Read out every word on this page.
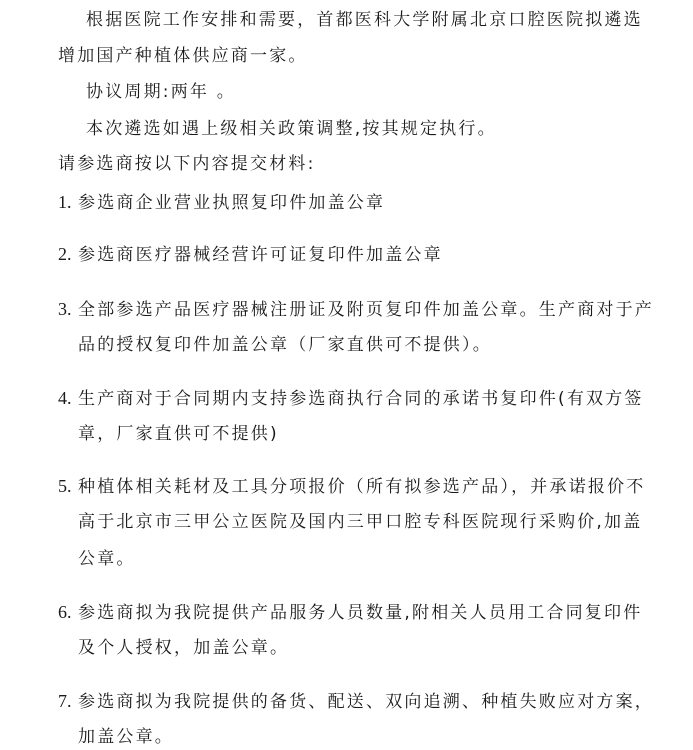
根据医院工作安排和需要，首都医科大学附属北京口腔医院拟遴选
增加国产种植体供应商一家。
协议周期:两年 。
本次遴选如遇上级相关政策调整,按其规定执行。
请参选商按以下内容提交材料:
1. 参选商企业营业执照复印件加盖公章
2. 参选商医疗器械经营许可证复印件加盖公章
3. 全部参选产品医疗器械注册证及附页复印件加盖公章。生产商对于产
品的授权复印件加盖公章（厂家直供可不提供）。
4. 生产商对于合同期内支持参选商执行合同的承诺书复印件(有双方签
章，厂家直供可不提供)
5. 种植体相关耗材及工具分项报价（所有拟参选产品），并承诺报价不
高于北京市三甲公立医院及国内三甲口腔专科医院现行采购价,加盖
公章。
6. 参选商拟为我院提供产品服务人员数量,附相关人员用工合同复印件
及个人授权，加盖公章。
7. 参选商拟为我院提供的备货、配送、双向追溯、种植失败应对方案，
加盖公章。
